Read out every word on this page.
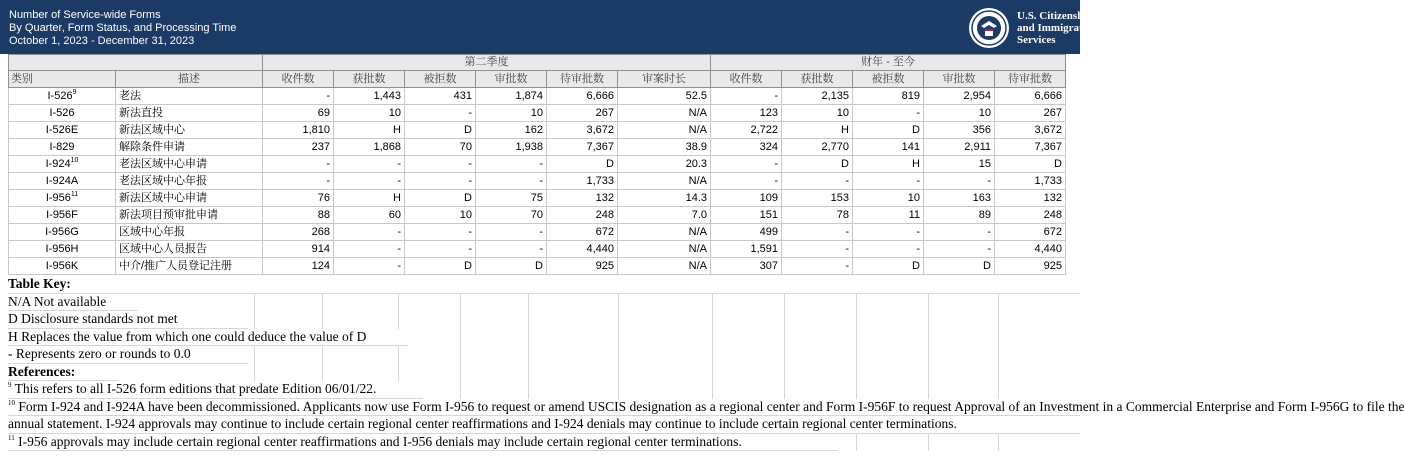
Number of Service-wide Forms
By Quarter, Form Status, and Processing Time
October 1, 2023 - December 31, 2023
U.S. Citizenship
and Immigration
Services
		第二季度						财年 - 至今				
类别	描述	收件数	获批数	被拒数	审批数	待审批数	审案时长	收件数	获批数	被拒数	审批数	待审批数
$I-526^9$	老法	-	1,443	431	1,874	6,666	52.5	-	2,135	819	2,954	6,666
I-526	新法直投	69	10	-	10	267	N/A	123	10	-	10	267
I-526E	新法区域中心	1,810	H	D	162	3,672	N/A	2,722	H	D	356	3,672
I-829	解除条件申请	237	1,868	70	1,938	7,367	38.9	324	2,770	141	2,911	7,367
$I-924^{10}$	老法区域中心申请	-	-	-	-	D	20.3	-	D	H	15	D
I-924A	老法区域中心年报	-	-	-	-	1,733	N/A	-	-	-	-	1,733
$I-956^{11}$	新法区域中心申请	76	H	D	75	132	14.3	109	153	10	163	132
I-956F	新法项目预审批申请	88	60	10	70	248	7.0	151	78	11	89	248
I-956G	区域中心年报	268	-	-	-	672	N/A	499	-	-	-	672
I-956H	区域中心人员报告	914	-	-	-	4,440	N/A	1,591	-	-	-	4,440
I-956K	中介/推广人员登记注册	124	-	D	D	925	N/A	307	-	D	D	925
Table Key:
N/A Not available
D Disclosure standards not met
H Replaces the value from which one could deduce the value of D
- Represents zero or rounds to 0.0
References:
$^9$ This refers to all I-526 form editions that predate Edition 06/01/22.
$^{10}$ Form I-924 and I-924A have been decommissioned. Applicants now use Form I-956 to request or amend USCIS designation as a regional center and Form I-956F to request Approval of an Investment in a Commercial Enterprise and Form I-956G to file the
annual statement. I-924 approvals may continue to include certain regional center reaffirmations and I-924 denials may continue to include certain regional center terminations.
$^{11}$ I-956 approvals may include certain regional center reaffirmations and I-956 denials may include certain regional center terminations.
